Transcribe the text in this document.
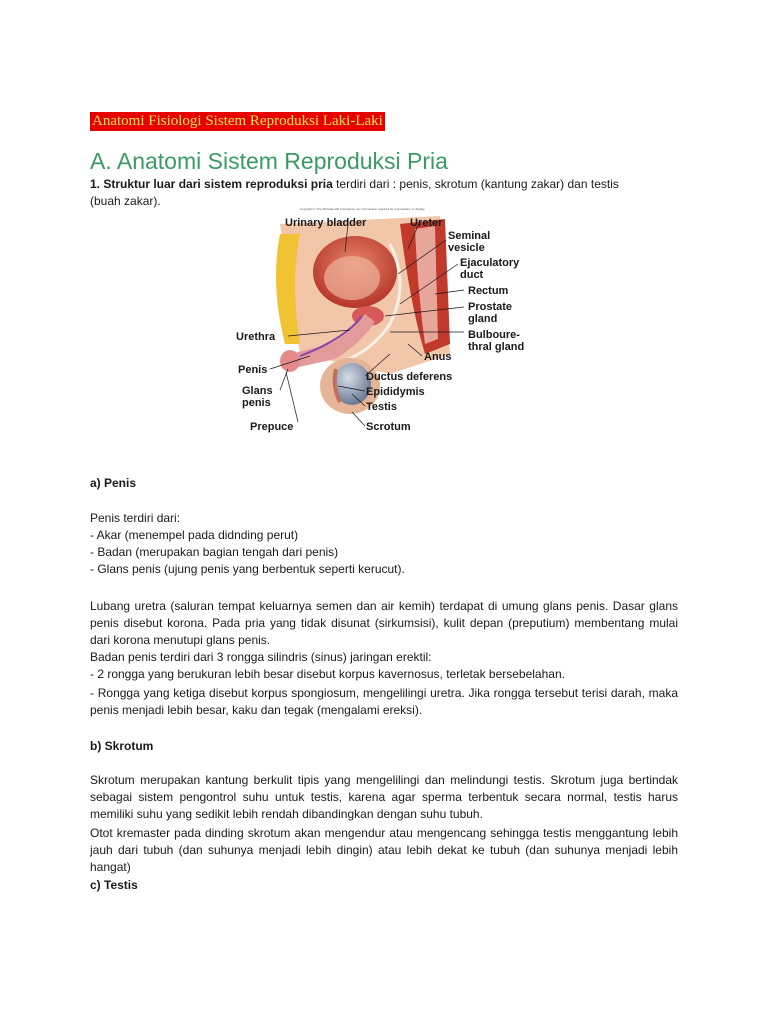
Anatomi Fisiologi Sistem Reproduksi Laki-Laki
A. Anatomi Sistem Reproduksi Pria
1. Struktur luar dari sistem reproduksi pria terdiri dari : penis, skrotum (kantung zakar) dan testis
(buah zakar).
Copyright © The McGraw-Hill Companies, Inc. Permission required for reproduction or display.
Urinary bladder	Ureter
Seminal
vesicle
Ejaculatory
duct
Rectum
Prostate
gland
Bulboure-
thral gland
Anus
Urethra
Penis
Ductus deferens
Glans
penis
Epididymis
Testis
Prepuce	Scrotum
a) Penis
Penis terdiri dari:
- Akar (menempel pada didnding perut)
- Badan (merupakan bagian tengah dari penis)
- Glans penis (ujung penis yang berbentuk seperti kerucut).
Lubang uretra (saluran tempat keluarnya semen dan air kemih) terdapat di umung glans penis. Dasar glans penis disebut korona. Pada pria yang tidak disunat (sirkumsisi), kulit depan (preputium) membentang mulai dari korona menutupi glans penis.
Badan penis terdiri dari 3 rongga silindris (sinus) jaringan erektil:
- 2 rongga yang berukuran lebih besar disebut korpus kavernosus, terletak bersebelahan.
- Rongga yang ketiga disebut korpus spongiosum, mengelilingi uretra. Jika rongga tersebut terisi darah, maka penis menjadi lebih besar, kaku dan tegak (mengalami ereksi).
b) Skrotum
Skrotum merupakan kantung berkulit tipis yang mengelilingi dan melindungi testis. Skrotum juga bertindak sebagai sistem pengontrol suhu untuk testis, karena agar sperma terbentuk secara normal, testis harus memiliki suhu yang sedikit lebih rendah dibandingkan dengan suhu tubuh.
Otot kremaster pada dinding skrotum akan mengendur atau mengencang sehingga testis menggantung lebih jauh dari tubuh (dan suhunya menjadi lebih dingin) atau lebih dekat ke tubuh (dan suhunya menjadi lebih hangat)
c) Testis
